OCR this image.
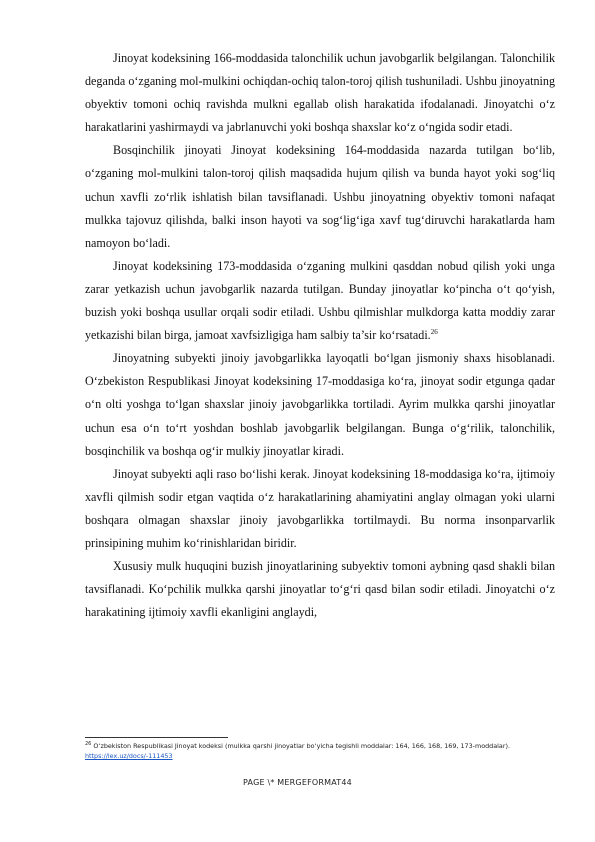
Jinoyat kodeksining 166-moddasida talonchilik uchun javobgarlik belgilangan. Talonchilik deganda o‘zganing mol-mulkini ochiqdan-ochiq talon-toroj qilish tushuniladi. Ushbu jinoyatning obyektiv tomoni ochiq ravishda mulkni egallab olish harakatida ifodalanadi. Jinoyatchi o‘z harakatlarini yashirmaydi va jabrlanuvchi yoki boshqa shaxslar ko‘z o‘ngida sodir etadi.

Bosqinchilik jinoyati Jinoyat kodeksining 164-moddasida nazarda tutilgan bo‘lib, o‘zganing mol-mulkini talon-toroj qilish maqsadida hujum qilish va bunda hayot yoki sog‘liq uchun xavfli zo‘rlik ishlatish bilan tavsiflanadi. Ushbu jinoyatning obyektiv tomoni nafaqat mulkka tajovuz qilishda, balki inson hayoti va sog‘lig‘iga xavf tug‘diruvchi harakatlarda ham namoyon bo‘ladi.

Jinoyat kodeksining 173-moddasida o‘zganing mulkini qasddan nobud qilish yoki unga zarar yetkazish uchun javobgarlik nazarda tutilgan. Bunday jinoyatlar ko‘pincha o‘t qo‘yish, buzish yoki boshqa usullar orqali sodir etiladi. Ushbu qilmishlar mulkdorga katta moddiy zarar yetkazishi bilan birga, jamoat xavfsizligiga ham salbiy ta’sir ko‘rsatadi.$^{26}$

Jinoyatning subyekti jinoiy javobgarlikka layoqatli bo‘lgan jismoniy shaxs hisoblanadi. O‘zbekiston Respublikasi Jinoyat kodeksining 17-moddasiga ko‘ra, jinoyat sodir etgunga qadar o‘n olti yoshga to‘lgan shaxslar jinoiy javobgarlikka tortiladi. Ayrim mulkka qarshi jinoyatlar uchun esa o‘n to‘rt yoshdan boshlab javobgarlik belgilangan. Bunga o‘g‘rilik, talonchilik, bosqinchilik va boshqa og‘ir mulkiy jinoyatlar kiradi.

Jinoyat subyekti aqli raso bo‘lishi kerak. Jinoyat kodeksining 18-moddasiga ko‘ra, ijtimoiy xavfli qilmish sodir etgan vaqtida o‘z harakatlarining ahamiyatini anglay olmagan yoki ularni boshqara olmagan shaxslar jinoiy javobgarlikka tortilmaydi. Bu norma insonparvarlik prinsipining muhim ko‘rinishlaridan biridir.

Xususiy mulk huquqini buzish jinoyatlarining subyektiv tomoni aybning qasd shakli bilan tavsiflanadi. Ko‘pchilik mulkka qarshi jinoyatlar to‘g‘ri qasd bilan sodir etiladi. Jinoyatchi o‘z harakatining ijtimoiy xavfli ekanligini anglaydi,

$^{26}$ O‘zbekiston Respublikasi Jinoyat kodeksi (mulkka qarshi jinoyatlar bo‘yicha tegishli moddalar: 164, 166, 168, 169, 173-moddalar). https://lex.uz/docs/-111453
PAGE \* MERGEFORMAT44
